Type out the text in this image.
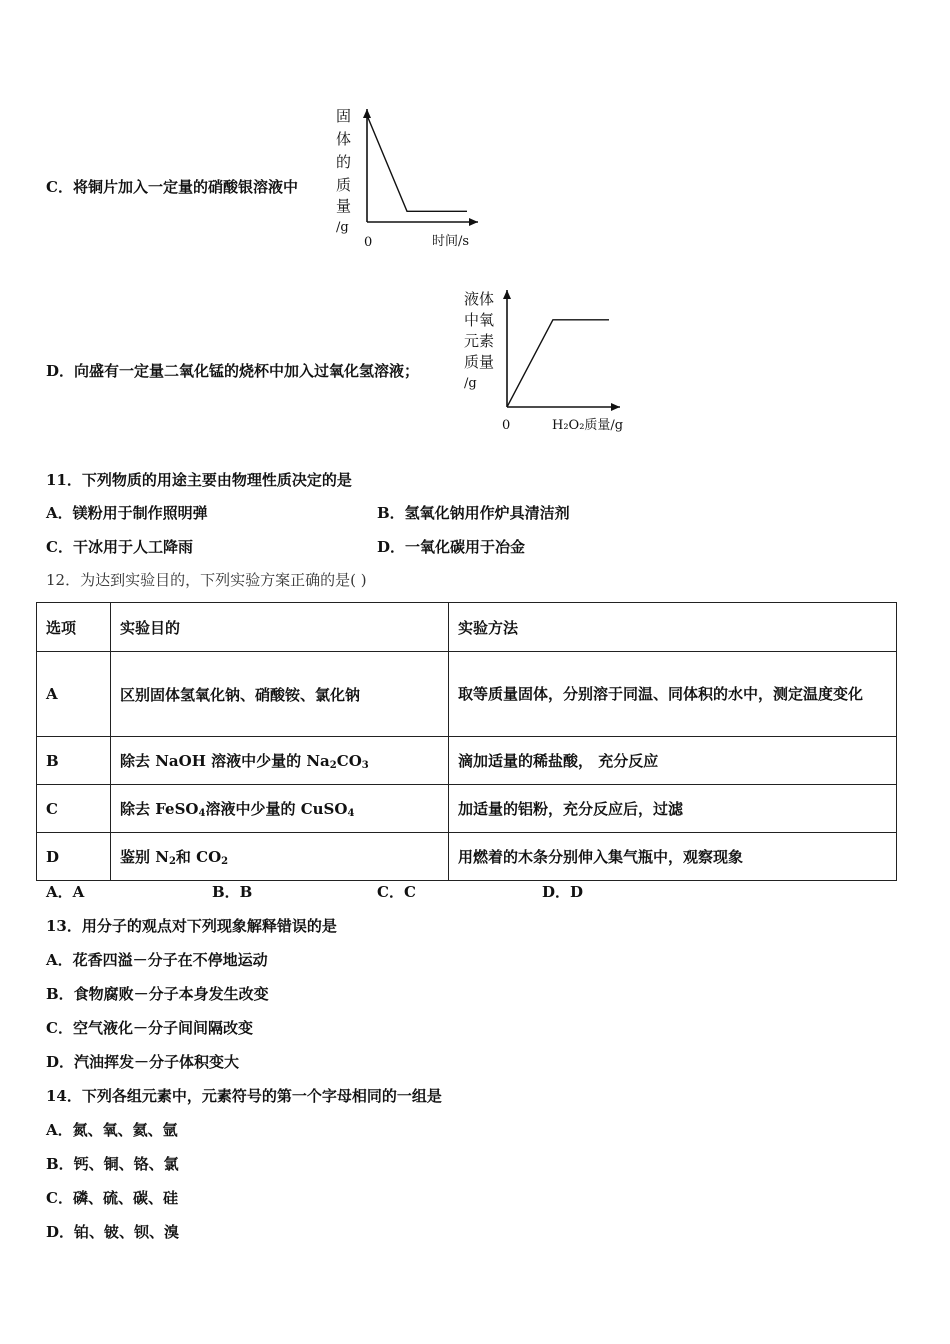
C．将铜片加入一定量的硝酸银溶液中
固
体
的
质
量
/g
0	时间/s
D．向盛有一定量二氧化锰的烧杯中加入过氧化氢溶液；
液体
中氧
元素
质量
/g
0	H₂O₂质量/g
11．下列物质的用途主要由物理性质决定的是
A．镁粉用于制作照明弹	B．氢氧化钠用作炉具清洁剂
C．干冰用于人工降雨	D．一氧化碳用于冶金
12．为达到实验目的，下列实验方案正确的是( )
选项	实验目的	实验方法
A	区别固体氢氧化钠、硝酸铵、氯化钠	取等质量固体，分别溶于同温、同体积的水中，测定温度变化
B	除去 NaOH 溶液中少量的 $Na_2CO_3$	滴加适量的稀盐酸， 充分反应
C	除去 FeSO$_4$溶液中少量的 CuSO$_4$	加适量的铝粉，充分反应后，过滤
D	鉴别 $N_2$和 $CO_2$	用燃着的木条分别伸入集气瓶中，观察现象
A．A	B．B	C．C	D．D
13．用分子的观点对下列现象解释错误的是
A．花香四溢－分子在不停地运动
B．食物腐败－分子本身发生改变
C．空气液化－分子间间隔改变
D．汽油挥发－分子体积变大
14．下列各组元素中，元素符号的第一个字母相同的一组是
A．氮、氧、氦、氩
B．钙、铜、铬、氯
C．磷、硫、碳、硅
D．铂、铍、钡、溴
